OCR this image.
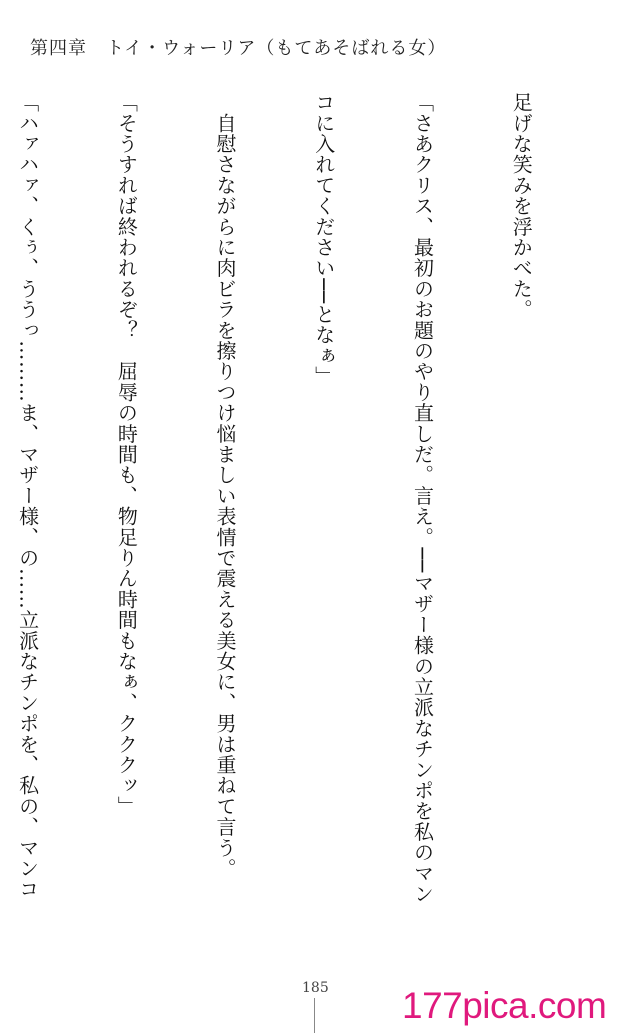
第四章　トイ・ウォーリア（もてあそばれる女）

足げな笑みを浮かべた。

「さあクリス、最初のお題のやり直しだ。言え。──マザー様の立派なチンポを私のマン

コに入れてください──となぁ」

　自慰さながらに肉ビラを擦りつけ悩ましい表情で震える美女に、男は重ねて言う。

「そうすれば終われるぞ？　屈辱の時間も、物足りん時間もなぁ、クククッ」

「ハァハァ、くぅ、ううっ………ま、マザー様、の……立派なチンポを、私の、マンコ

185 177pica.com
